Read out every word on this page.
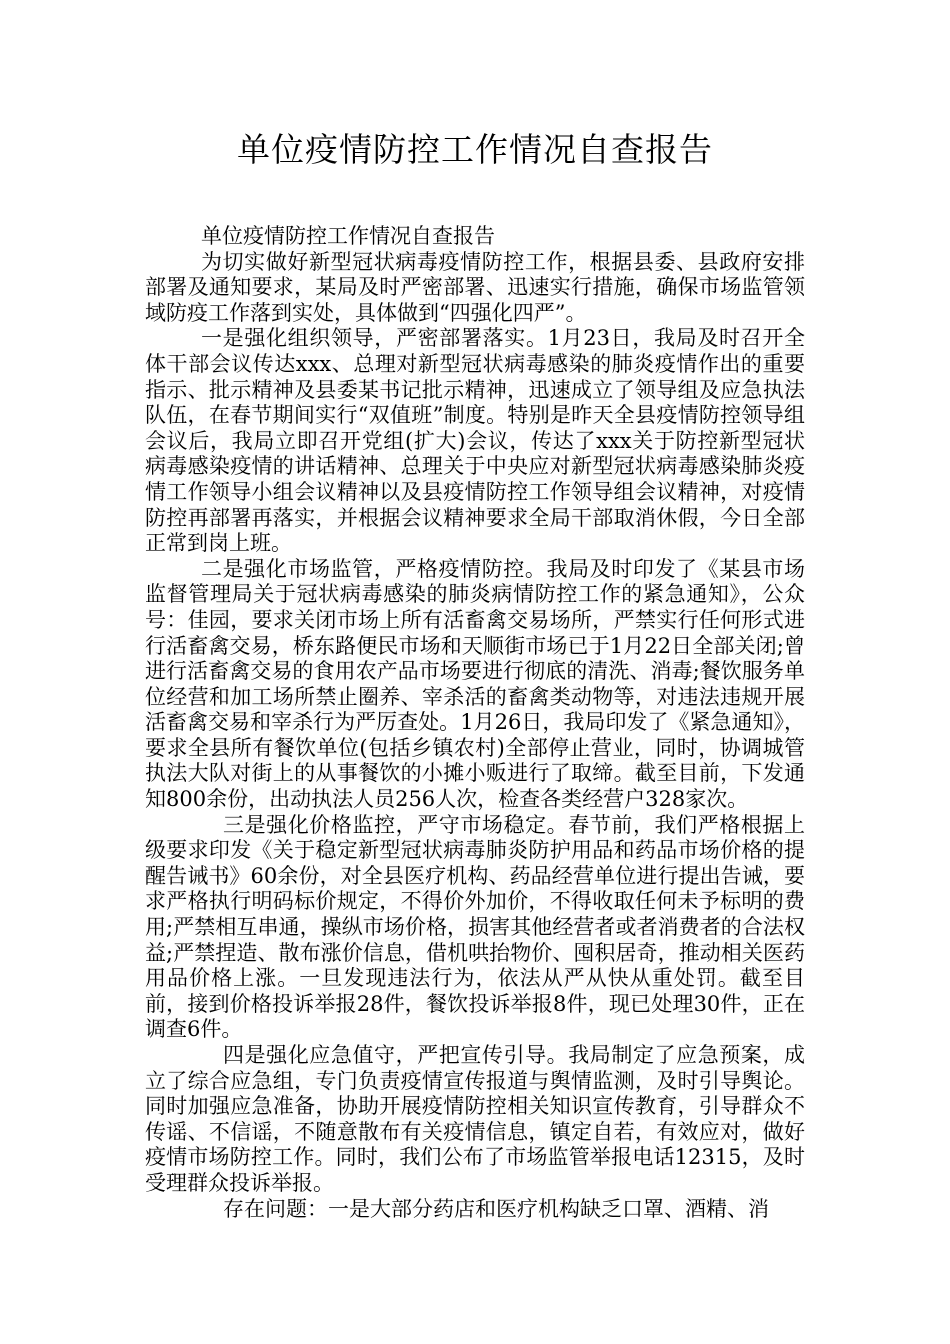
单位疫情防控工作情况自查报告

单位疫情防控工作情况自查报告

为切实做好新型冠状病毒疫情防控工作，根据县委、县政府安排部署及通知要求，某局及时严密部署、迅速实行措施，确保市场监管领域防疫工作落到实处，具体做到“四强化四严”。

一是强化组织领导，严密部署落实。1月23日，我局及时召开全体干部会议传达xxx、总理对新型冠状病毒感染的肺炎疫情作出的重要指示、批示精神及县委某书记批示精神，迅速成立了领导组及应急执法队伍，在春节期间实行“双值班”制度。特别是昨天全县疫情防控领导组会议后，我局立即召开党组(扩大)会议，传达了xxx关于防控新型冠状病毒感染疫情的讲话精神、总理关于中央应对新型冠状病毒感染肺炎疫情工作领导小组会议精神以及县疫情防控工作领导组会议精神，对疫情防控再部署再落实，并根据会议精神要求全局干部取消休假，今日全部正常到岗上班。

二是强化市场监管，严格疫情防控。我局及时印发了《某县市场监督管理局关于冠状病毒感染的肺炎病情防控工作的紧急通知》，公众号：佳园，要求关闭市场上所有活畜禽交易场所，严禁实行任何形式进行活畜禽交易，桥东路便民市场和天顺街市场已于1月22日全部关闭;曾进行活畜禽交易的食用农产品市场要进行彻底的清洗、消毒;餐饮服务单位经营和加工场所禁止圈养、宰杀活的畜禽类动物等，对违法违规开展活畜禽交易和宰杀行为严厉查处。1月26日，我局印发了《紧急通知》，要求全县所有餐饮单位(包括乡镇农村)全部停止营业，同时，协调城管执法大队对街上的从事餐饮的小摊小贩进行了取缔。截至目前，下发通知800余份，出动执法人员256人次，检查各类经营户328家次。

三是强化价格监控，严守市场稳定。春节前，我们严格根据上级要求印发《关于稳定新型冠状病毒肺炎防护用品和药品市场价格的提醒告诫书》60余份，对全县医疗机构、药品经营单位进行提出告诫，要求严格执行明码标价规定，不得价外加价，不得收取任何未予标明的费用;严禁相互串通，操纵市场价格，损害其他经营者或者消费者的合法权益;严禁捏造、散布涨价信息，借机哄抬物价、囤积居奇，推动相关医药用品价格上涨。一旦发现违法行为，依法从严从快从重处罚。截至目前，接到价格投诉举报28件，餐饮投诉举报8件，现已处理30件，正在调查6件。

四是强化应急值守，严把宣传引导。我局制定了应急预案，成立了综合应急组，专门负责疫情宣传报道与舆情监测，及时引导舆论。同时加强应急准备，协助开展疫情防控相关知识宣传教育，引导群众不传谣、不信谣，不随意散布有关疫情信息，镇定自若，有效应对，做好疫情市场防控工作。同时，我们公布了市场监管举报电话12315，及时受理群众投诉举报。

存在问题：一是大部分药店和医疗机构缺乏口罩、酒精、消
